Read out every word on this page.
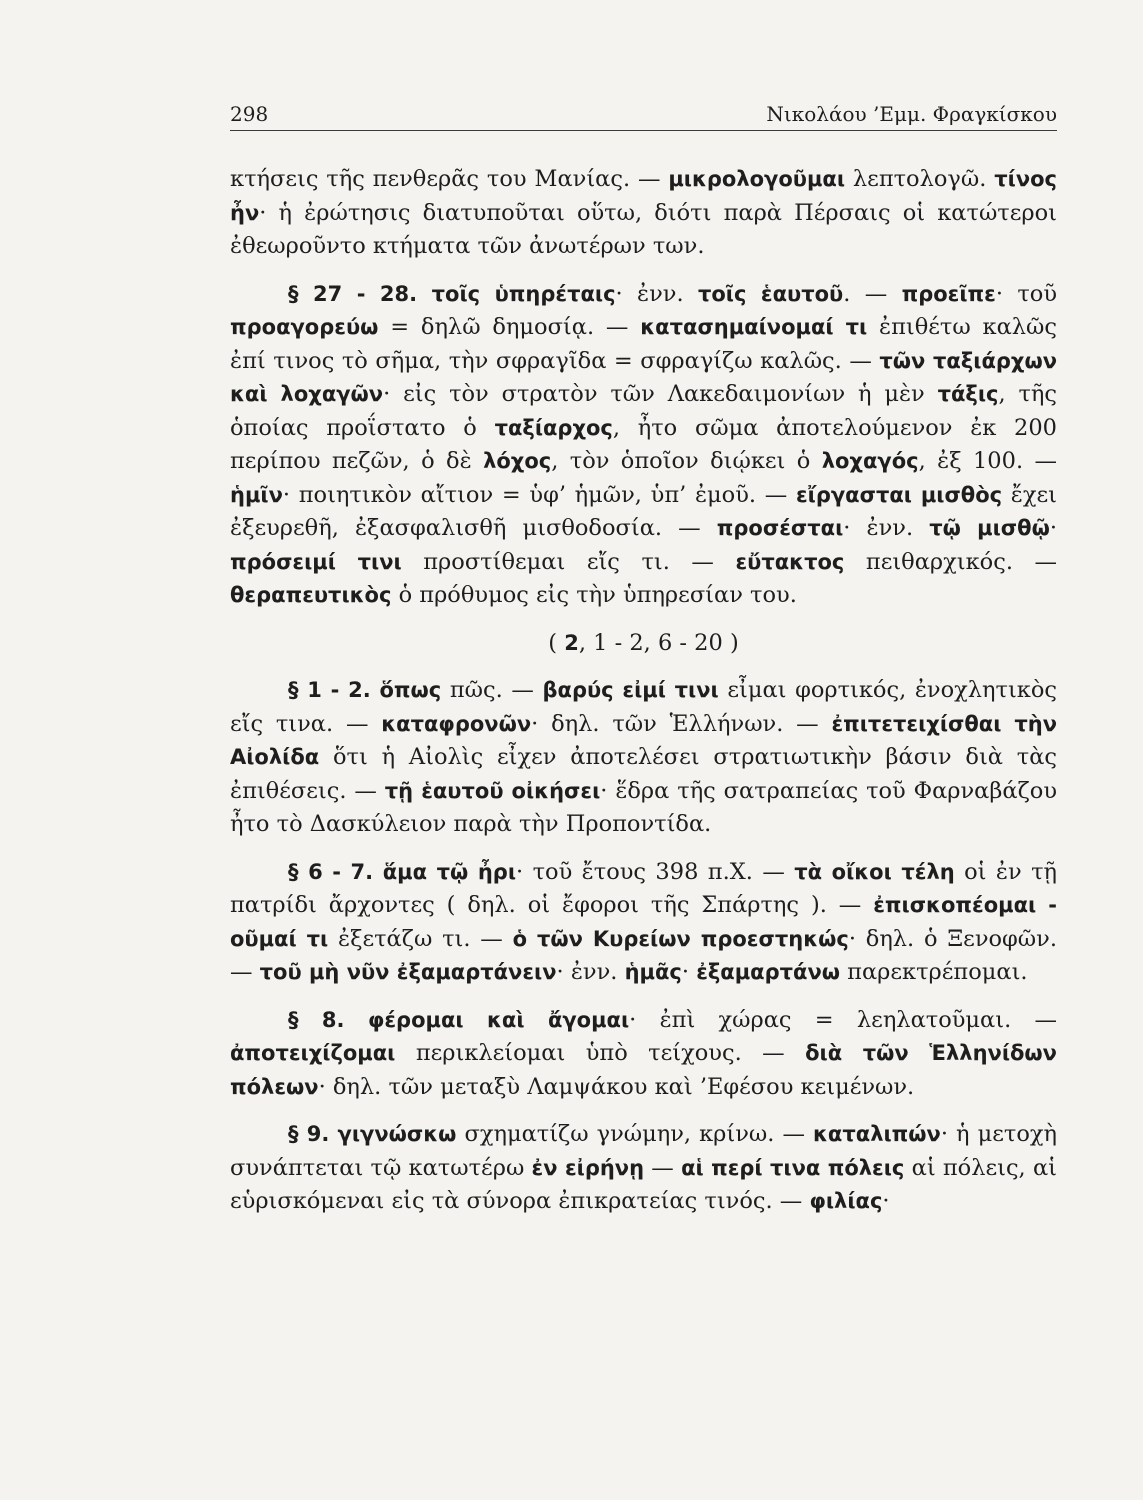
298	Νικολάου ’Εμμ. Φραγκίσκου

κτήσεις τῆς πενθερᾶς του Μανίας. — μικρολογοῦμαι λεπτολογῶ. τίνος ἦν· ἡ ἐρώτησις διατυποῦται οὕτω, διότι παρὰ Πέρσαις οἱ κατώτεροι ἐθεωροῦντο κτήματα τῶν ἀνωτέρων των.

§ 27 - 28. τοῖς ὑπηρέταις· ἐνν. τοῖς ἑαυτοῦ. — προεῖπε· τοῦ προαγορεύω = δηλῶ δημοσίᾳ. — κατασημαίνομαί τι ἐπιθέτω καλῶς ἐπί τινος τὸ σῆμα, τὴν σφραγῖδα = σφραγίζω καλῶς. — τῶν ταξιάρχων καὶ λοχαγῶν· εἰς τὸν στρατὸν τῶν Λακεδαιμονίων ἡ μὲν τάξις, τῆς ὁποίας προΐστατο ὁ ταξίαρχος, ἦτο σῶμα ἀποτελούμενον ἐκ 200 περίπου πεζῶν, ὁ δὲ λόχος, τὸν ὁποῖον διῴκει ὁ λοχαγός, ἐξ 100. — ἡμῖν· ποιητικὸν αἴτιον = ὑφ’ ἡμῶν, ὑπ’ ἐμοῦ. — εἴργασται μισθὸς ἔχει ἐξευρεθῆ, ἐξασφαλισθῆ μισθοδοσία. — προσέσται· ἐνν. τῷ μισθῷ· πρόσειμί τινι προστίθεμαι εἴς τι. — εὔτακτος πειθαρχικός. — θεραπευτικὸς ὁ πρόθυμος εἰς τὴν ὑπηρεσίαν του.

( 2, 1 - 2, 6 - 20 )

§ 1 - 2. ὅπως πῶς. — βαρύς εἰμί τινι εἶμαι φορτικός, ἐνοχλητικὸς εἴς τινα. — καταφρονῶν· δηλ. τῶν Ἑλλήνων. — ἐπιτετειχίσθαι τὴν Αἰολίδα ὅτι ἡ Αἰολὶς εἶχεν ἀποτελέσει στρατιωτικὴν βάσιν διὰ τὰς ἐπιθέσεις. — τῇ ἑαυτοῦ οἰκήσει· ἕδρα τῆς σατραπείας τοῦ Φαρναβάζου ἦτο τὸ Δασκύλειον παρὰ τὴν Προποντίδα.

§ 6 - 7. ἅμα τῷ ἦρι· τοῦ ἔτους 398 π.Χ. — τὰ οἴκοι τέλη οἱ ἐν τῇ πατρίδι ἄρχοντες ( δηλ. οἱ ἔφοροι τῆς Σπάρτης ). — ἐπισκοπέομαι - οῦμαί τι ἐξετάζω τι. — ὁ τῶν Κυρείων προεστηκώς· δηλ. ὁ Ξενοφῶν. — τοῦ μὴ νῦν ἐξαμαρτάνειν· ἐνν. ἡμᾶς· ἐξαμαρτάνω παρεκτρέπομαι.

§ 8. φέρομαι καὶ ἄγομαι· ἐπὶ χώρας = λεηλατοῦμαι. — ἀποτειχίζομαι περικλείομαι ὑπὸ τείχους. — διὰ τῶν Ἑλληνίδων πόλεων· δηλ. τῶν μεταξὺ Λαμψάκου καὶ ’Εφέσου κειμένων.

§ 9. γιγνώσκω σχηματίζω γνώμην, κρίνω. — καταλιπών· ἡ μετοχὴ συνάπτεται τῷ κατωτέρω ἐν εἰρήνῃ — αἱ περί τινα πόλεις αἱ πόλεις, αἱ εὑρισκόμεναι εἰς τὰ σύνορα ἐπικρατείας τινός. — φιλίας·
